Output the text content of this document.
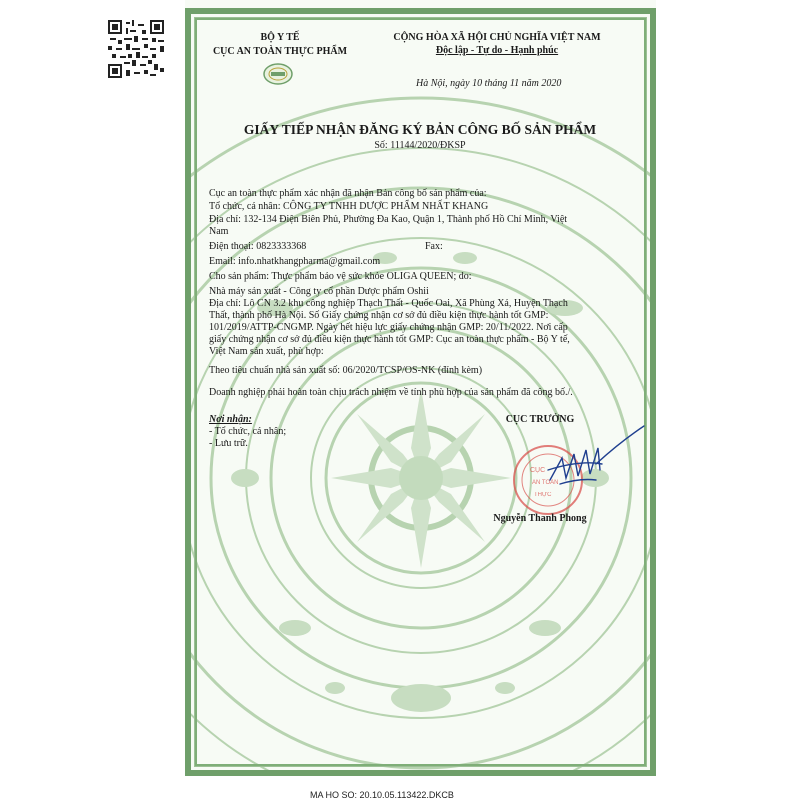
BỘ Y TẾ
CỤC AN TOÀN THỰC PHẨM
CỘNG HÒA XÃ HỘI CHỦ NGHĨA VIỆT NAM
Độc lập - Tự do - Hạnh phúc
Hà Nội, ngày 10 tháng 11 năm 2020
GIẤY TIẾP NHẬN ĐĂNG KÝ BẢN CÔNG BỐ SẢN PHẨM
Số: 11144/2020/ĐKSP
Cục an toàn thực phẩm xác nhận đã nhận Bản công bố sản phẩm của:
Tổ chức, cá nhân: CÔNG TY TNHH DƯỢC PHẨM NHẤT KHANG
Địa chỉ: 132-134 Điện Biên Phủ, Phường Đa Kao, Quận 1, Thành phố Hồ Chí Minh, Việt
Nam
Điện thoại: 0823333368	Fax:
Email: info.nhatkhangpharma@gmail.com
Cho sản phẩm: Thực phẩm bảo vệ sức khỏe OLIGA QUEEN; do:
Nhà máy sản xuất - Công ty cổ phần Dược phẩm Oshii
Địa chỉ: Lô CN 3.2 khu công nghiệp Thạch Thất - Quốc Oai, Xã Phùng Xá, Huyện Thạch
Thất, thành phố Hà Nội. Số Giấy chứng nhận cơ sở đủ điều kiện thực hành tốt GMP:
101/2019/ATTP-CNGMP. Ngày hết hiệu lực giấy chứng nhận GMP: 20/11/2022. Nơi cấp
giấy chứng nhận cơ sở đủ điều kiện thực hành tốt GMP: Cục an toàn thực phẩm - Bộ Y tế,
Việt Nam sản xuất, phù hợp:
Theo tiêu chuẩn nhà sản xuất số: 06/2020/TCSP/OS-NK (đính kèm)
Doanh nghiệp phải hoàn toàn chịu trách nhiệm về tính phù hợp của sản phẩm đã công bố./.
Nơi nhận:
- Tổ chức, cá nhân;
- Lưu trữ.
CỤC TRƯỞNG
CỤC
AN TOÀN
THỰC
Nguyễn Thanh Phong
MA HO SO: 20.10.05.113422.DKCB
